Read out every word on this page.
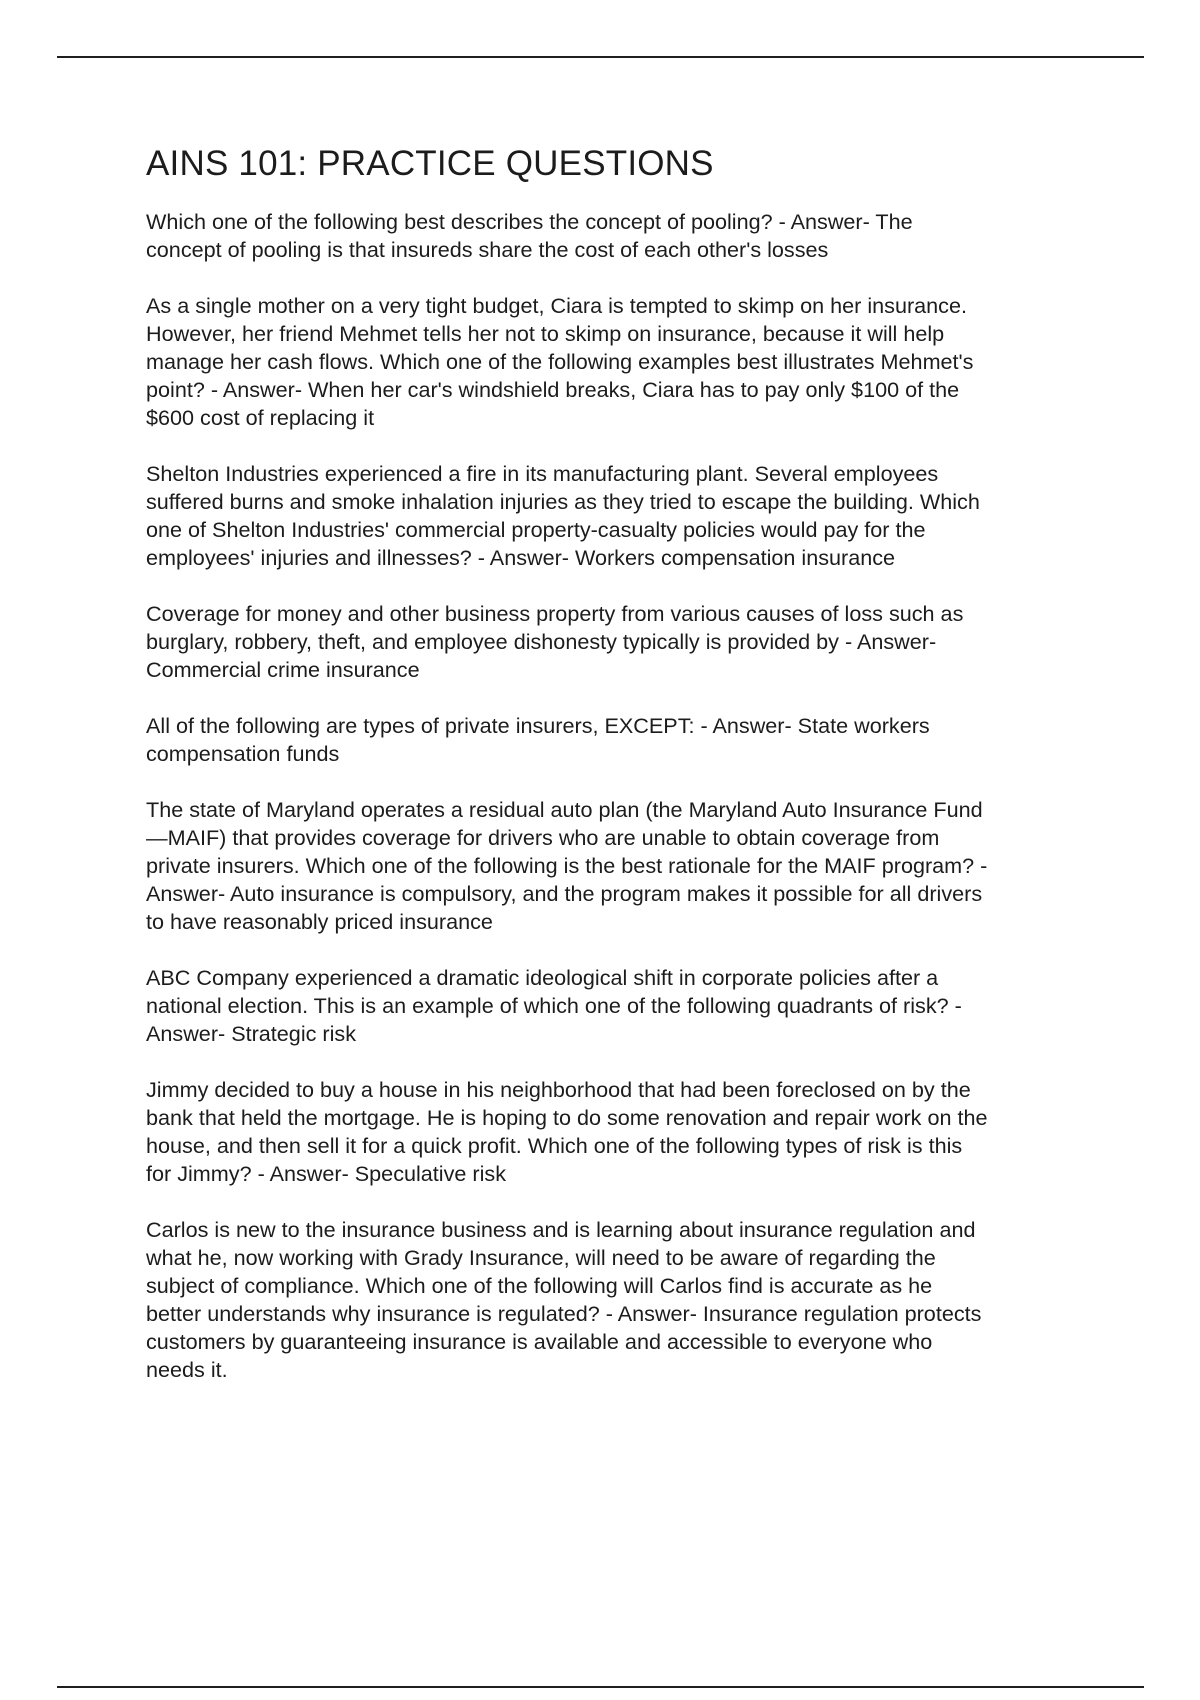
AINS 101: PRACTICE QUESTIONS

Which one of the following best describes the concept of pooling? - Answer- The
concept of pooling is that insureds share the cost of each other's losses

As a single mother on a very tight budget, Ciara is tempted to skimp on her insurance.
However, her friend Mehmet tells her not to skimp on insurance, because it will help
manage her cash flows. Which one of the following examples best illustrates Mehmet's
point? - Answer- When her car's windshield breaks, Ciara has to pay only $100 of the
$600 cost of replacing it

Shelton Industries experienced a fire in its manufacturing plant. Several employees
suffered burns and smoke inhalation injuries as they tried to escape the building. Which
one of Shelton Industries' commercial property-casualty policies would pay for the
employees' injuries and illnesses? - Answer- Workers compensation insurance

Coverage for money and other business property from various causes of loss such as
burglary, robbery, theft, and employee dishonesty typically is provided by - Answer-
Commercial crime insurance

All of the following are types of private insurers, EXCEPT: - Answer- State workers
compensation funds

The state of Maryland operates a residual auto plan (the Maryland Auto Insurance Fund
—MAIF) that provides coverage for drivers who are unable to obtain coverage from
private insurers. Which one of the following is the best rationale for the MAIF program? -
Answer- Auto insurance is compulsory, and the program makes it possible for all drivers
to have reasonably priced insurance

ABC Company experienced a dramatic ideological shift in corporate policies after a
national election. This is an example of which one of the following quadrants of risk? -
Answer- Strategic risk

Jimmy decided to buy a house in his neighborhood that had been foreclosed on by the
bank that held the mortgage. He is hoping to do some renovation and repair work on the
house, and then sell it for a quick profit. Which one of the following types of risk is this
for Jimmy? - Answer- Speculative risk

Carlos is new to the insurance business and is learning about insurance regulation and
what he, now working with Grady Insurance, will need to be aware of regarding the
subject of compliance. Which one of the following will Carlos find is accurate as he
better understands why insurance is regulated? - Answer- Insurance regulation protects
customers by guaranteeing insurance is available and accessible to everyone who
needs it.
